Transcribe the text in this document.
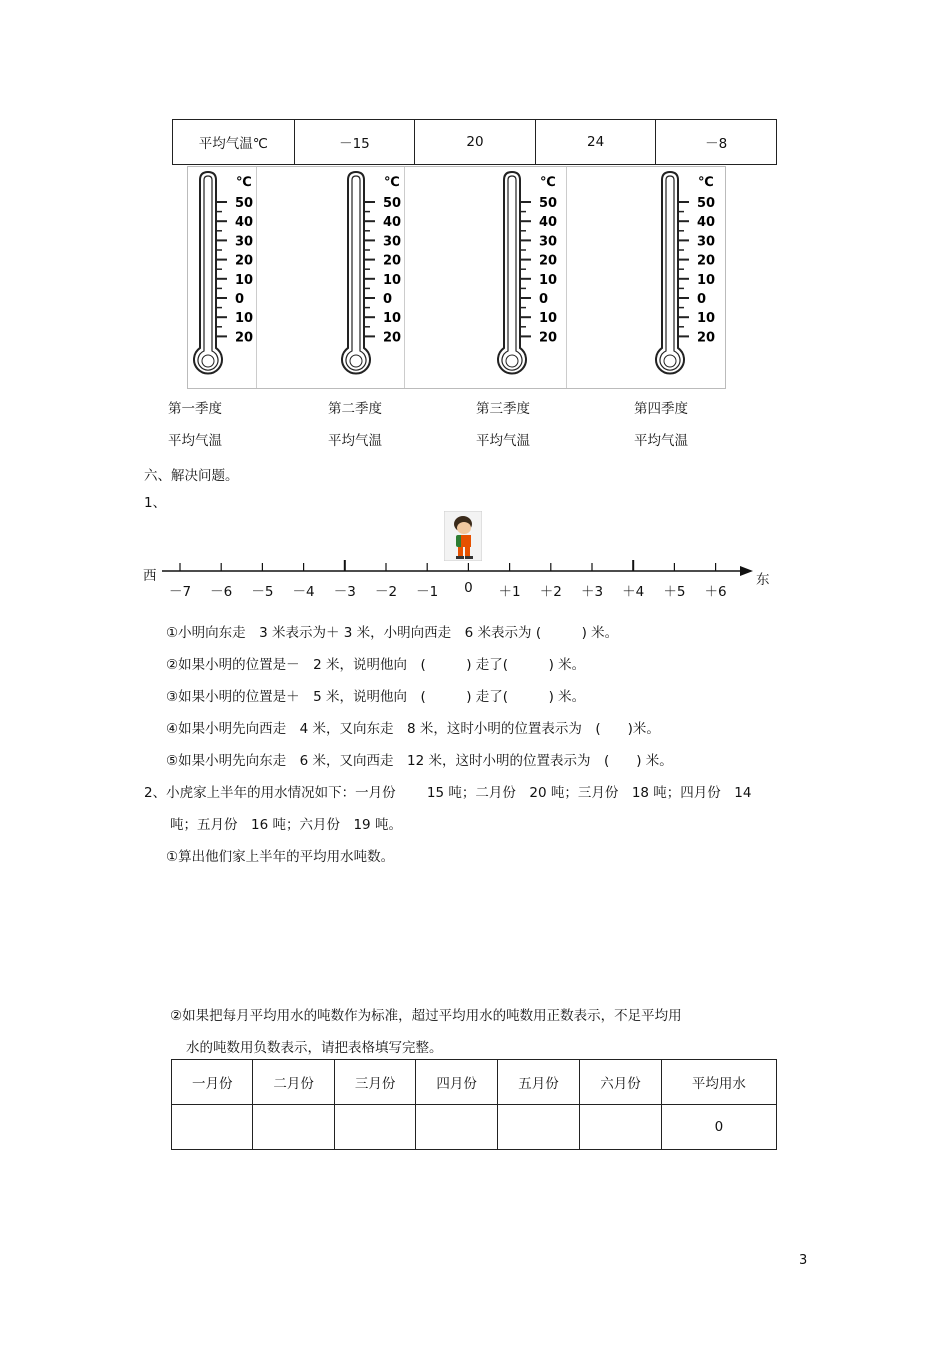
平均气温℃	－15	20	24	－8
℃
50
40
30
20
10
0
10
20
℃
50
40
30
20
10
0
10
20
℃
50
40
30
20
10
0
10
20
℃
50
40
30
20
10
0
10
20
第一季度
平均气温
第二季度
平均气温
第三季度
平均气温
第四季度
平均气温
六、解决问题。
1、
西	东
－7 －6 －5 －4 －3 －2 －1	0	＋1 ＋2 ＋3 ＋4 ＋5 ＋6
①小明向东走　3 米表示为＋ 3 米，小明向西走　6 米表示为 (　　　) 米。
②如果小明的位置是－　2 米，说明他向　(　　　) 走了(　　　) 米。
③如果小明的位置是＋　5 米，说明他向　(　　　) 走了(　　　) 米。
④如果小明先向西走　4 米，又向东走　8 米，这时小明的位置表示为　(　　)米。
⑤如果小明先向东走　6 米，又向西走　12 米，这时小明的位置表示为　(　　) 米。
2、小虎家上半年的用水情况如下：一月份　　 15 吨；二月份　20 吨；三月份　18 吨；四月份　14
吨；五月份　16 吨；六月份　19 吨。
①算出他们家上半年的平均用水吨数。
②如果把每月平均用水的吨数作为标准，超过平均用水的吨数用正数表示，不足平均用
水的吨数用负数表示，请把表格填写完整。
一月份	二月份	三月份	四月份	五月份	六月份	平均用水
						0
3
